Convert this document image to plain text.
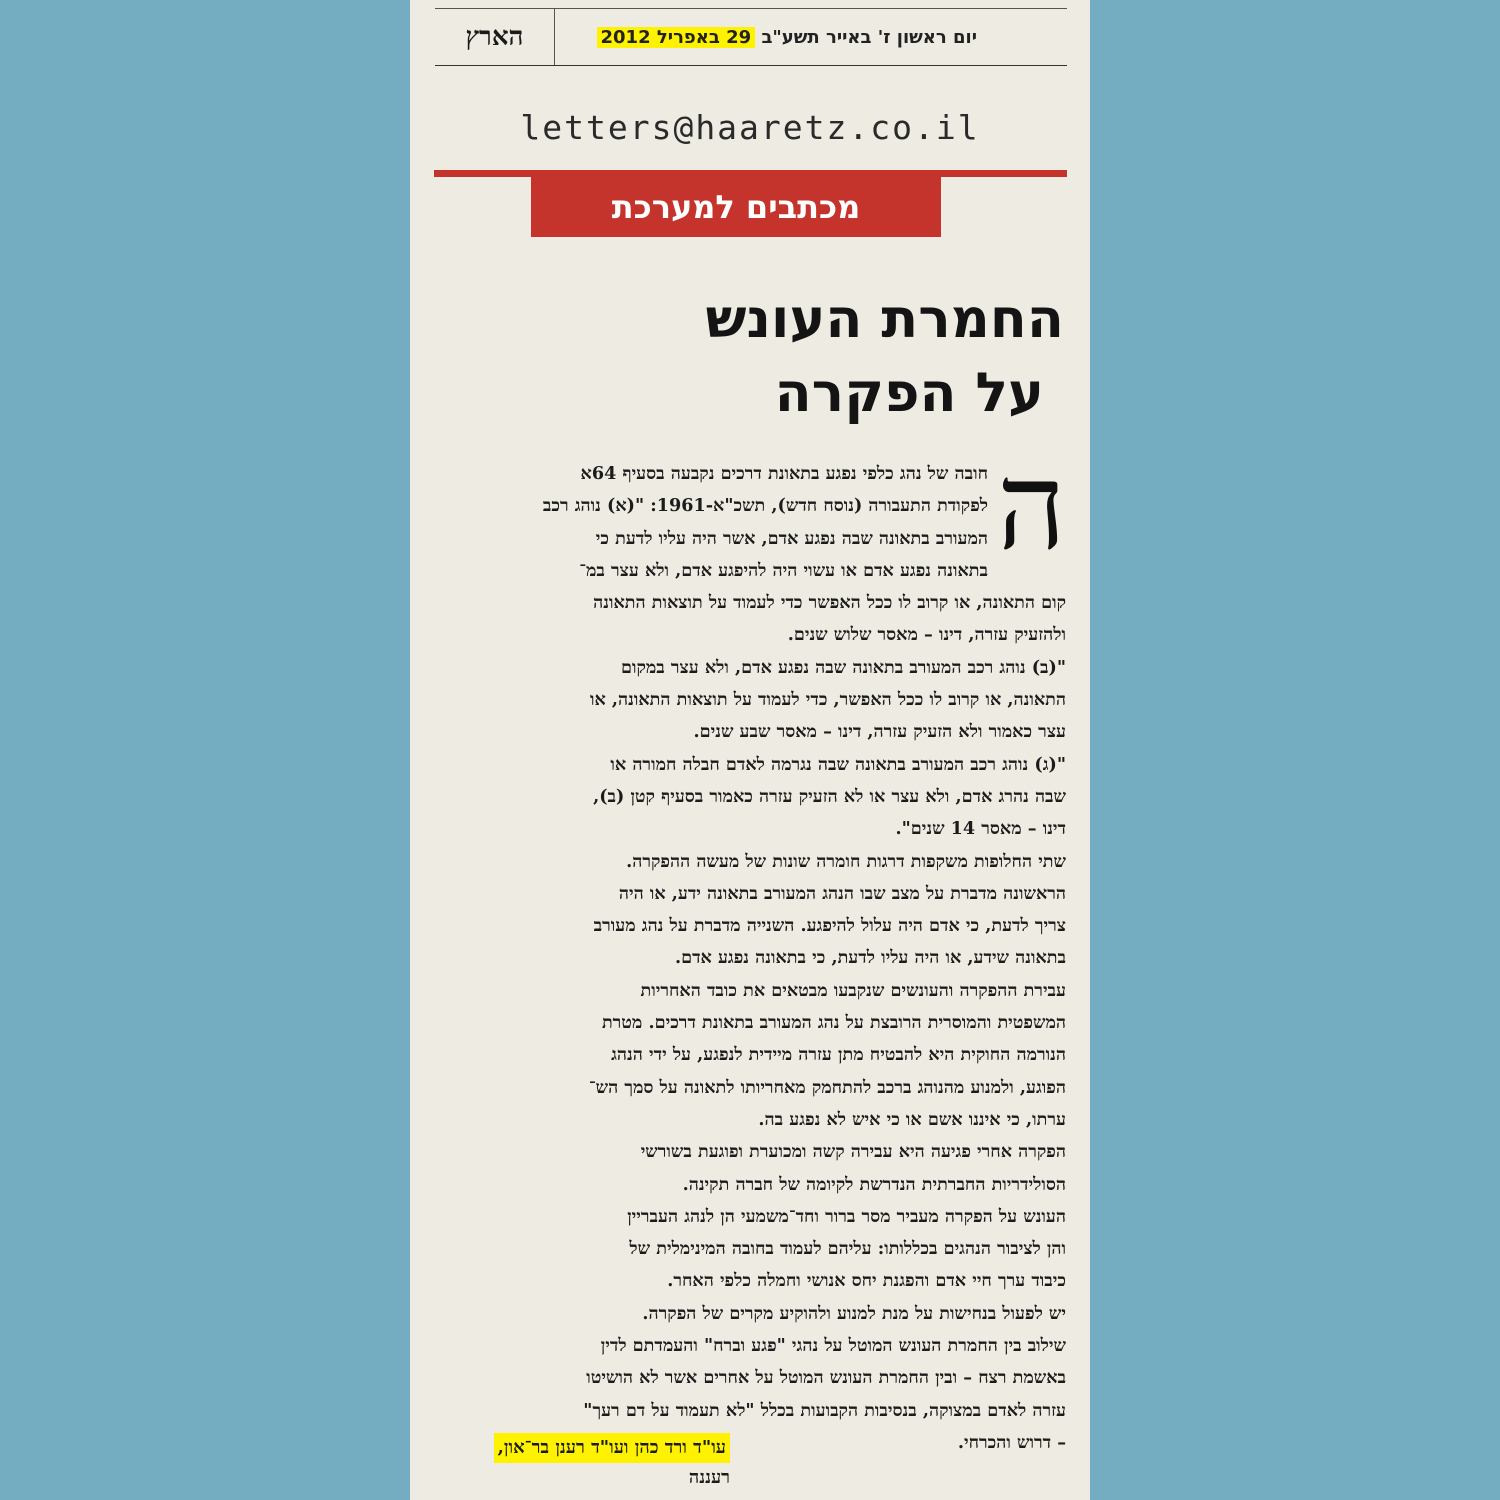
הארץ	יום ראשון ז' באייר תשע"ב 29 באפריל 2012
letters@haaretz.co.il
מכתבים למערכת
החמרת העונש
על הפקרה
ה
חובה של נהג כלפי נפגע בתאונת דרכים נקבעה בסעיף 64א
לפקודת התעבורה (נוסח חדש), תשכ"א-1961: "(א) נוהג רכב
המעורב בתאונה שבה נפגע אדם, אשר היה עליו לדעת כי
בתאונה נפגע אדם או עשוי היה להיפגע אדם, ולא עצר במ־
קום התאונה, או קרוב לו ככל האפשר כדי לעמוד על תוצאות התאונה
ולהזעיק עזרה, דינו – מאסר שלוש שנים.
"(ב) נוהג רכב המעורב בתאונה שבה נפגע אדם, ולא עצר במקום
התאונה, או קרוב לו ככל האפשר, כדי לעמוד על תוצאות התאונה, או
עצר כאמור ולא הזעיק עזרה, דינו – מאסר שבע שנים.
"(ג) נוהג רכב המעורב בתאונה שבה נגרמה לאדם חבלה חמורה או
שבה נהרג אדם, ולא עצר או לא הזעיק עזרה כאמור בסעיף קטן (ב),
דינו – מאסר 14 שנים".
שתי החלופות משקפות דרגות חומרה שונות של מעשה ההפקרה.
הראשונה מדברת על מצב שבו הנהג המעורב בתאונה ידע, או היה
צריך לדעת, כי אדם היה עלול להיפגע. השנייה מדברת על נהג מעורב
בתאונה שידע, או היה עליו לדעת, כי בתאונה נפגע אדם.
עבירת ההפקרה והעונשים שנקבעו מבטאים את כובד האחריות
המשפטית והמוסרית הרובצת על נהג המעורב בתאונת דרכים. מטרת
הנורמה החוקית היא להבטיח מתן עזרה מיידית לנפגע, על ידי הנהג
הפוגע, ולמנוע מהנוהג ברכב להתחמק מאחריותו לתאונה על סמך הש־
ערתו, כי איננו אשם או כי איש לא נפגע בה.
הפקרה אחרי פגיעה היא עבירה קשה ומכוערת ופוגעת בשורשי
הסולידריות החברתית הנדרשת לקיומה של חברה תקינה.
העונש על הפקרה מעביר מסר ברור וחד־משמעי הן לנהג העבריין
והן לציבור הנהגים בכללותו: עליהם לעמוד בחובה המינימלית של
כיבוד ערך חיי אדם והפגנת יחס אנושי וחמלה כלפי האחר.
יש לפעול בנחישות על מנת למנוע ולהוקיע מקרים של הפקרה.
שילוב בין החמרת העונש המוטל על נהגי "פגע וברח" והעמדתם לדין
באשמת רצח – ובין החמרת העונש המוטל על אחרים אשר לא הושיטו
עזרה לאדם במצוקה, בנסיבות הקבועות בכלל "לא תעמוד על דם רעך"
– דרוש והכרחי.
עו"ד ורד כהן ועו"ד רענן בר־און,
רעננה
